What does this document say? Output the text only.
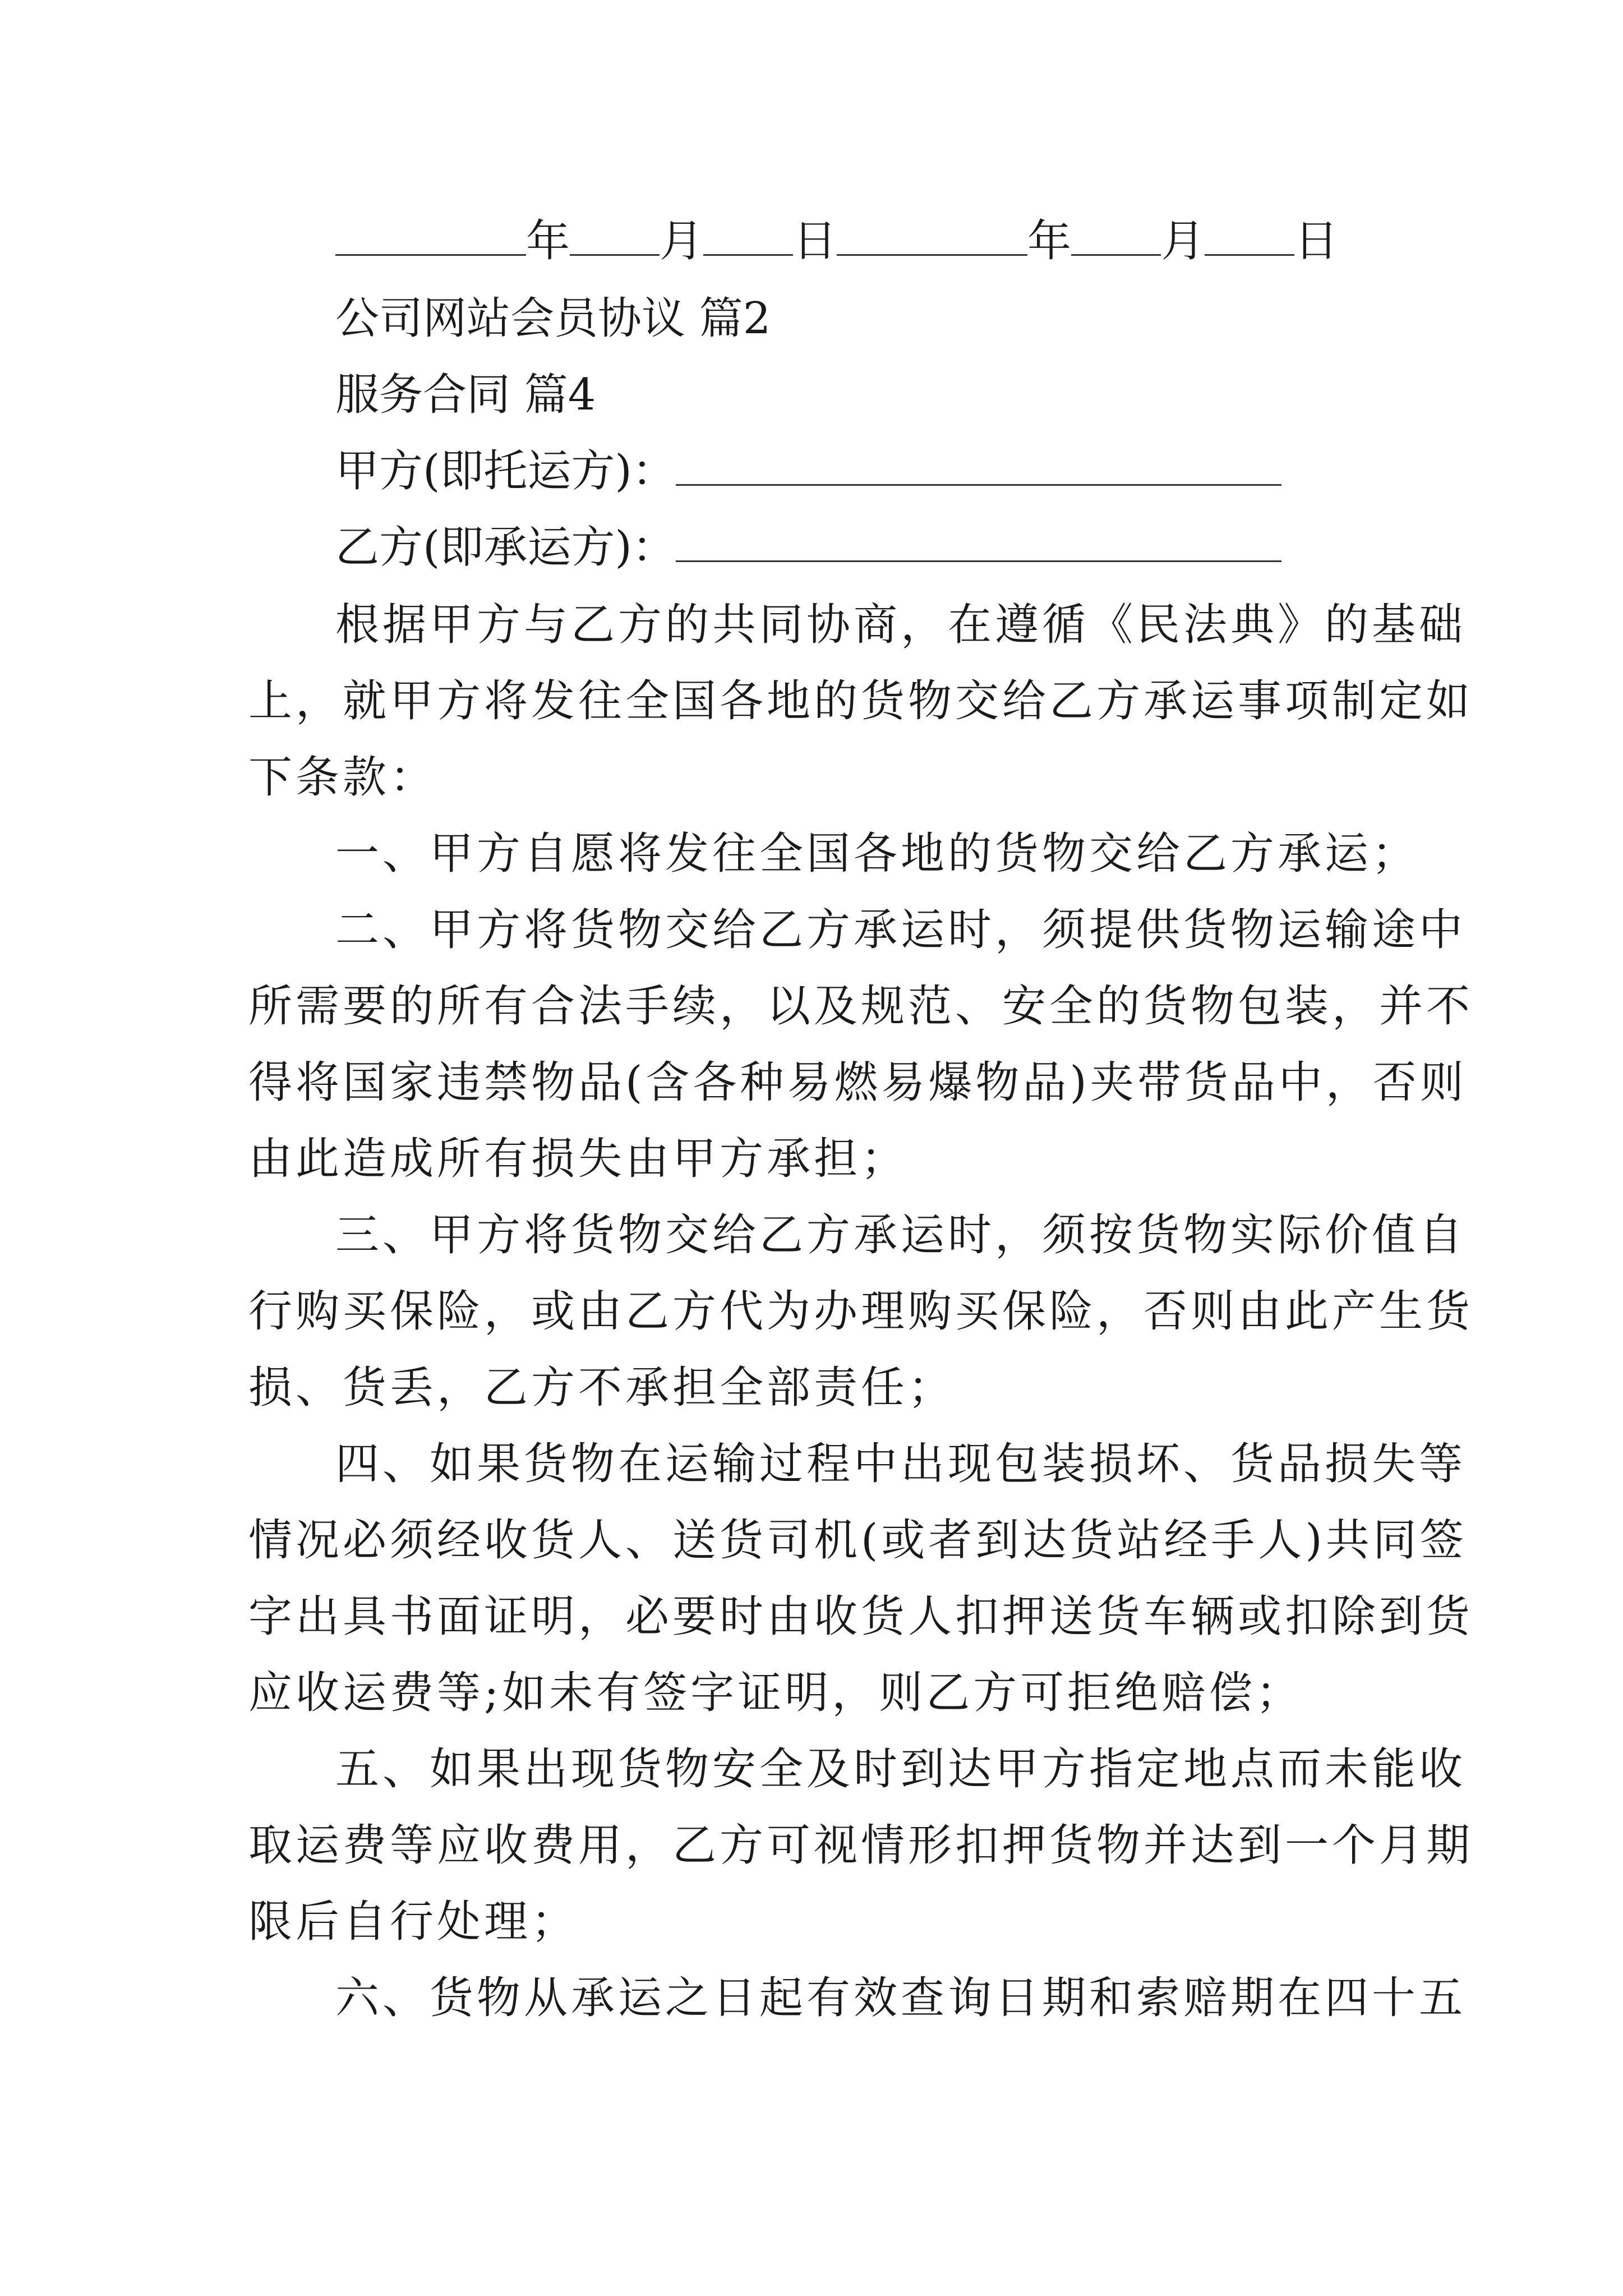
年 月 日	年 月 日
公司网站会员协议 篇2
服务合同 篇4
甲方(即托运方)：
乙方(即承运方)：
根据甲方与乙方的共同协商，在遵循《民法典》的基础
上，就甲方将发往全国各地的货物交给乙方承运事项制定如
下条款：
一、甲方自愿将发往全国各地的货物交给乙方承运；
二、甲方将货物交给乙方承运时，须提供货物运输途中
所需要的所有合法手续，以及规范、安全的货物包装，并不
得将国家违禁物品(含各种易燃易爆物品)夹带货品中，否则
由此造成所有损失由甲方承担；
三、甲方将货物交给乙方承运时，须按货物实际价值自
行购买保险，或由乙方代为办理购买保险，否则由此产生货
损、货丢，乙方不承担全部责任；
四、如果货物在运输过程中出现包装损坏、货品损失等
情况必须经收货人、送货司机(或者到达货站经手人)共同签
字出具书面证明，必要时由收货人扣押送货车辆或扣除到货
应收运费等;如未有签字证明，则乙方可拒绝赔偿；
五、如果出现货物安全及时到达甲方指定地点而未能收
取运费等应收费用，乙方可视情形扣押货物并达到一个月期
限后自行处理；
六、货物从承运之日起有效查询日期和索赔期在四十五
